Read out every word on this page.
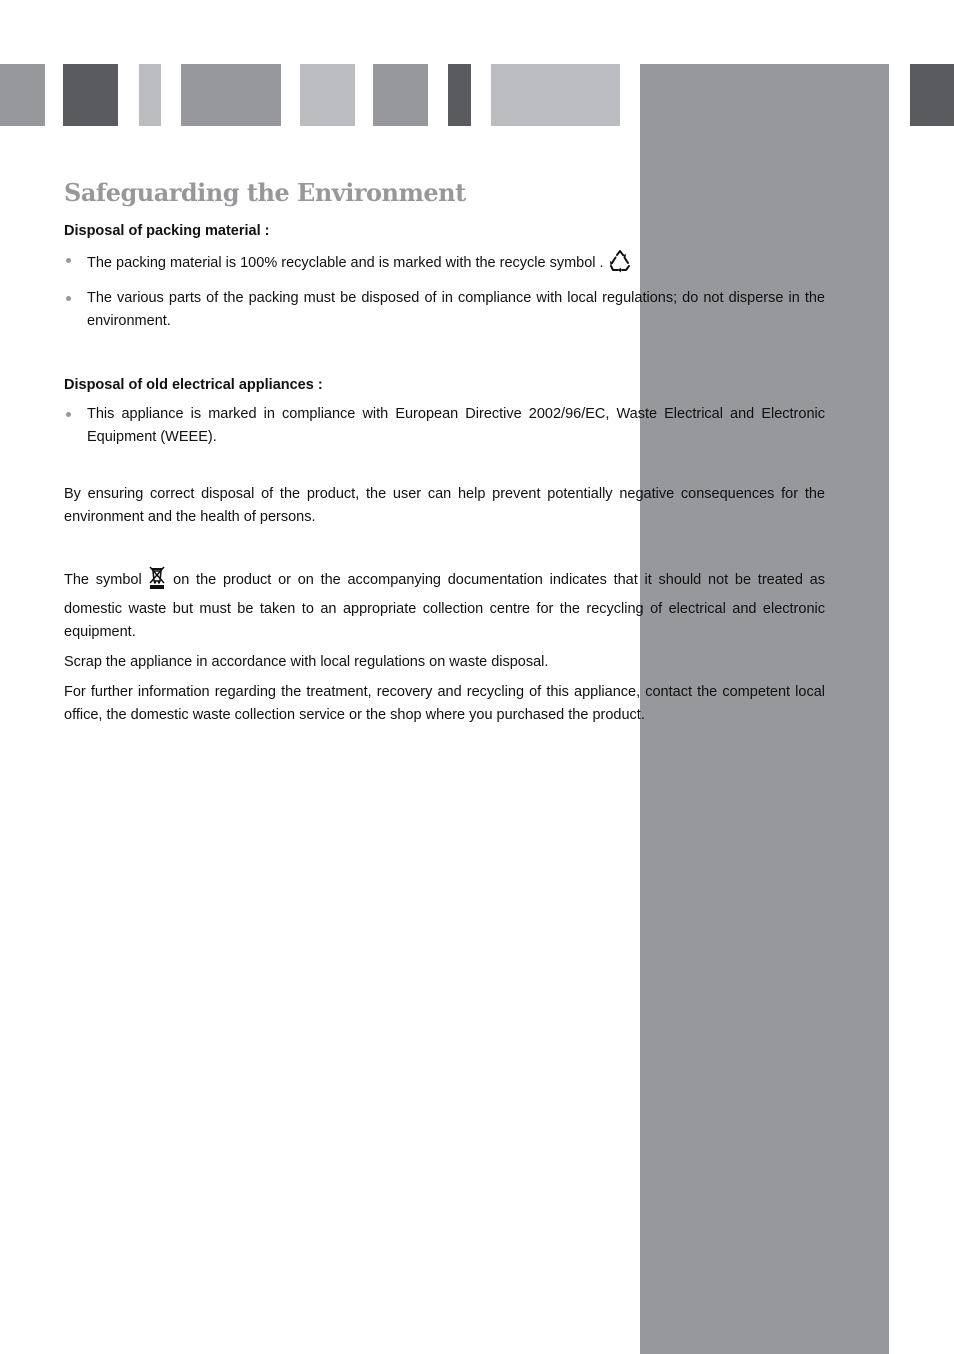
Safeguarding the Environment
Disposal of packing material :
The packing material is 100% recyclable and is marked with the recycle symbol .
The various parts of the packing must be disposed of in compliance with local regulations; do not disperse in the environment.
Disposal of old electrical appliances :
This appliance is marked in compliance with European Directive 2002/96/EC, Waste Electrical and Electronic Equipment (WEEE).

By ensuring correct disposal of the product, the user can help prevent potentially negative consequences for the environment and the health of persons.

The symbol on the product or on the accompanying documentation indicates that it should not be treated as domestic waste but must be taken to an appropriate collection centre for the recycling of electrical and electronic equipment.

Scrap the appliance in accordance with local regulations on waste disposal.

For further information regarding the treatment, recovery and recycling of this appliance, contact the competent local office, the domestic waste collection service or the shop where you purchased the product.
